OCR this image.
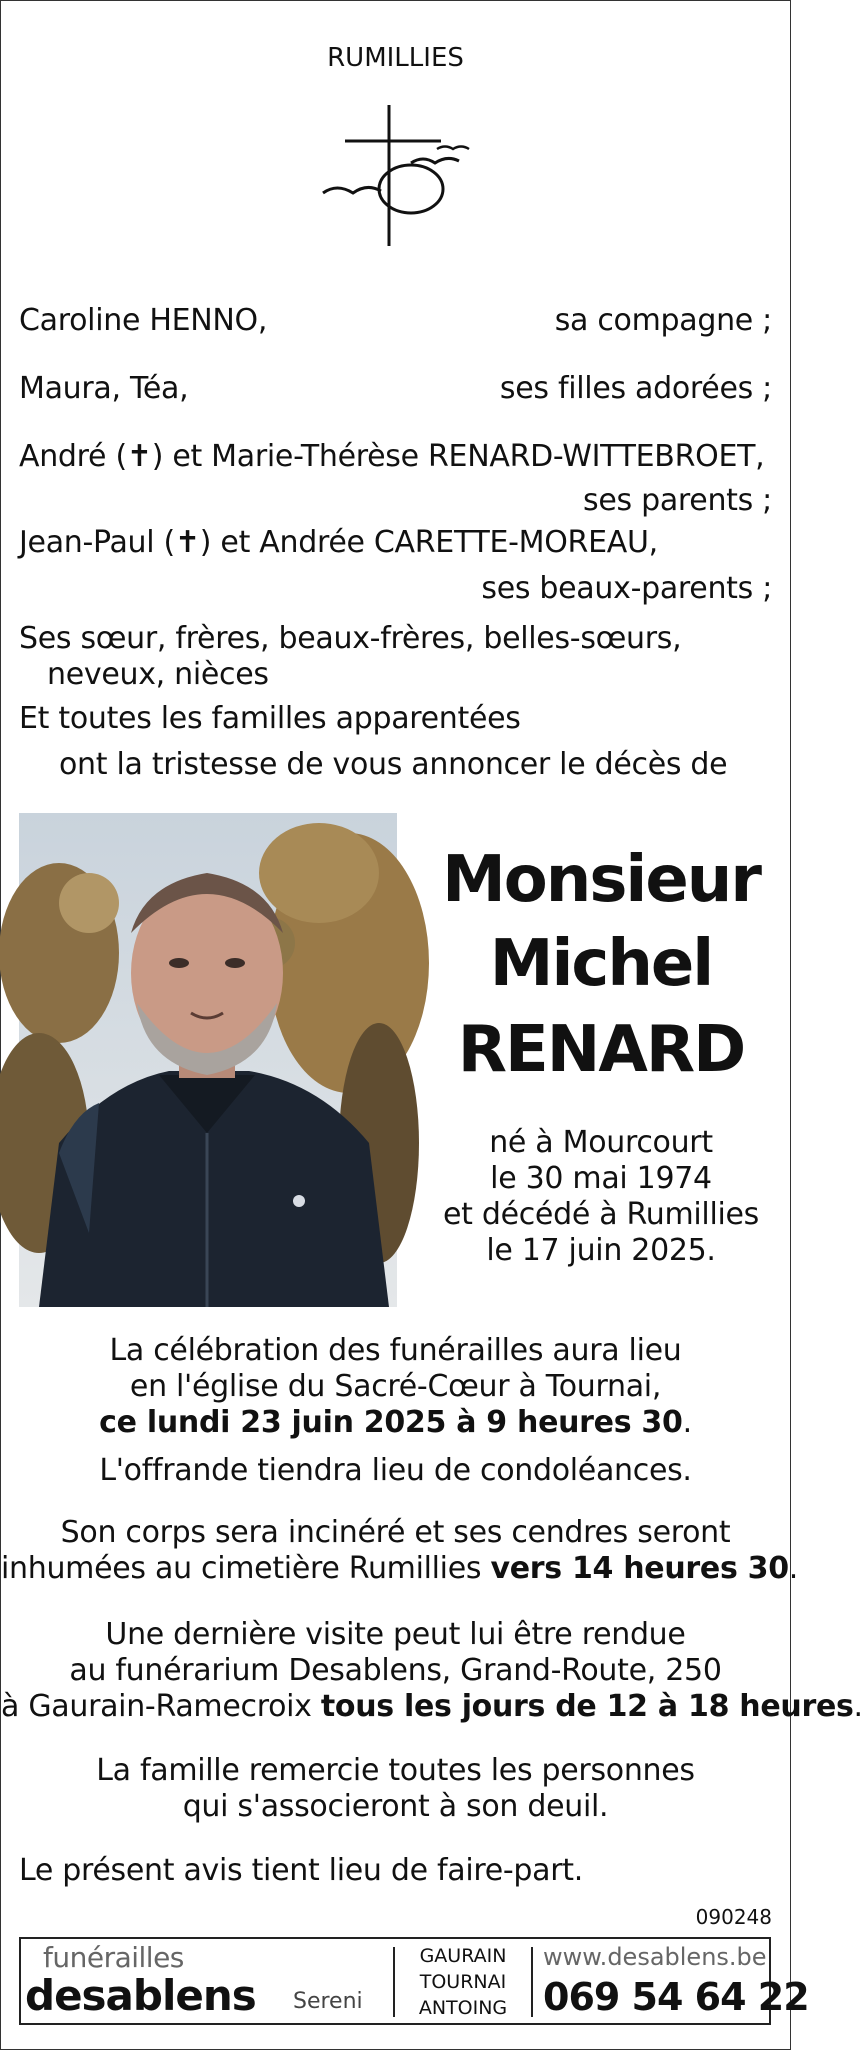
RUMILLIES
Caroline HENNO,	sa compagne ;
Maura, Téa,	ses filles adorées ;
André (✝) et Marie-Thérèse RENARD-WITTEBROET,
ses parents ;
Jean-Paul (✝) et Andrée CARETTE-MOREAU,
ses beaux-parents ;
Ses sœur, frères, beaux-frères, belles-sœurs,
neveux, nièces
Et toutes les familles apparentées
ont la tristesse de vous annoncer le décès de
Monsieur
Michel
RENARD
né à Mourcourt
le 30 mai 1974
et décédé à Rumillies
le 17 juin 2025.
La célébration des funérailles aura lieu
en l'église du Sacré-Cœur à Tournai,
ce lundi 23 juin 2025 à 9 heures 30.
L'offrande tiendra lieu de condoléances.
Son corps sera incinéré et ses cendres seront
inhumées au cimetière Rumillies vers 14 heures 30.
Une dernière visite peut lui être rendue
au funérarium Desablens, Grand-Route, 250
à Gaurain-Ramecroix tous les jours de 12 à 18 heures.
La famille remercie toutes les personnes
qui s'associeront à son deuil.
Le présent avis tient lieu de faire-part.
090248
funérailles
desablens Sereni
GAURAIN
TOURNAI
ANTOING
www.desablens.be
069 54 64 22
